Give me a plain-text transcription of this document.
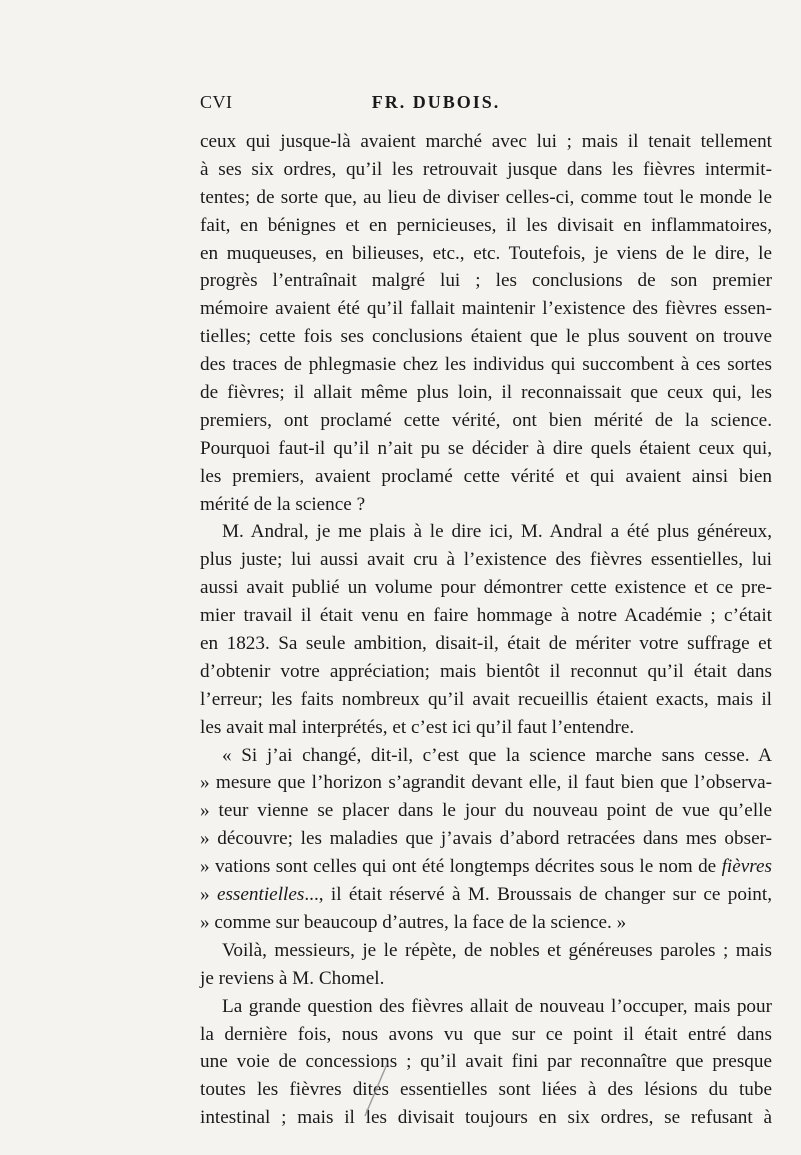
CVI	FR. DUBOIS.
ceux qui jusque-là avaient marché avec lui ; mais il tenait tellement
à ses six ordres, qu’il les retrouvait jusque dans les fièvres intermit-
tentes; de sorte que, au lieu de diviser celles-ci, comme tout le monde le
fait, en bénignes et en pernicieuses, il les divisait en inflammatoires,
en muqueuses, en bilieuses, etc., etc. Toutefois, je viens de le dire, le
progrès l’entraînait malgré lui ; les conclusions de son premier
mémoire avaient été qu’il fallait maintenir l’existence des fièvres essen-
tielles; cette fois ses conclusions étaient que le plus souvent on trouve
des traces de phlegmasie chez les individus qui succombent à ces sortes
de fièvres; il allait même plus loin, il reconnaissait que ceux qui, les
premiers, ont proclamé cette vérité, ont bien mérité de la science.
Pourquoi faut-il qu’il n’ait pu se décider à dire quels étaient ceux qui,
les premiers, avaient proclamé cette vérité et qui avaient ainsi bien
mérité de la science ?
M. Andral, je me plais à le dire ici, M. Andral a été plus généreux,
plus juste; lui aussi avait cru à l’existence des fièvres essentielles, lui
aussi avait publié un volume pour démontrer cette existence et ce pre-
mier travail il était venu en faire hommage à notre Académie ; c’était
en 1823. Sa seule ambition, disait-il, était de mériter votre suffrage et
d’obtenir votre appréciation; mais bientôt il reconnut qu’il était dans
l’erreur; les faits nombreux qu’il avait recueillis étaient exacts, mais il
les avait mal interprétés, et c’est ici qu’il faut l’entendre.
« Si j’ai changé, dit-il, c’est que la science marche sans cesse. A
» mesure que l’horizon s’agrandit devant elle, il faut bien que l’observa-
» teur vienne se placer dans le jour du nouveau point de vue qu’elle
» découvre; les maladies que j’avais d’abord retracées dans mes obser-
» vations sont celles qui ont été longtemps décrites sous le nom de fièvres
» essentielles..., il était réservé à M. Broussais de changer sur ce point,
» comme sur beaucoup d’autres, la face de la science. »
Voilà, messieurs, je le répète, de nobles et généreuses paroles ; mais
je reviens à M. Chomel.
La grande question des fièvres allait de nouveau l’occuper, mais pour
la dernière fois, nous avons vu que sur ce point il était entré dans
une voie de concessions ; qu’il avait fini par reconnaître que presque
toutes les fièvres dites essentielles sont liées à des lésions du tube
intestinal ; mais il les divisait toujours en six ordres, se refusant à
